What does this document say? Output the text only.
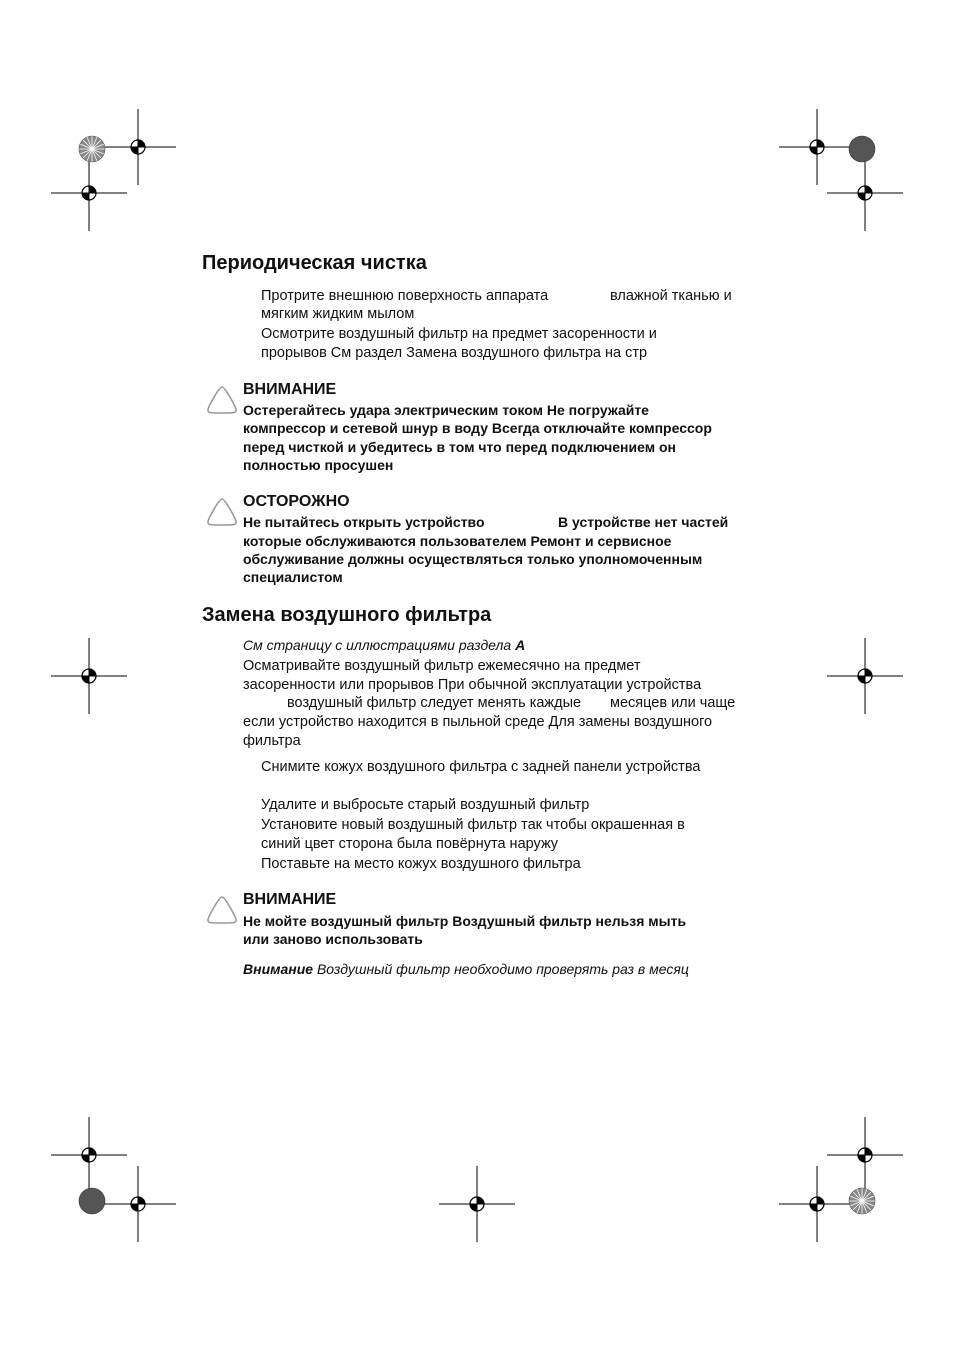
Периодическая чистка
Протрите внешнюю поверхность аппарата	влажной тканью и
мягким жидким мылом
Осмотрите воздушный фильтр на предмет засоренности и
прорывов См раздел Замена воздушного фильтра на стр
ВНИМАНИЕ
Остерегайтесь удара электрическим током Не погружайте
компрессор и сетевой шнур в воду Всегда отключайте компрессор
перед чисткой и убедитесь в том что перед подключением он
полностью просушен
ОСТОРОЖНО
Не пытайтесь открыть устройство	В устройстве нет частей
которые обслуживаются пользователем Ремонт и сервисное
обслуживание должны осуществляться только уполномоченным
специалистом
Замена воздушного фильтра
См страницу с иллюстрациями раздела A
Осматривайте воздушный фильтр ежемесячно на предмет
засоренности или прорывов При обычной эксплуатации устройства
воздушный фильтр следует менять каждые месяцев или чаще
если устройство находится в пыльной среде Для замены воздушного
фильтра
Снимите кожух воздушного фильтра с задней панели устройства
Удалите и выбросьте старый воздушный фильтр
Установите новый воздушный фильтр так чтобы окрашенная в
синий цвет сторона была повёрнута наружу
Поставьте на место кожух воздушного фильтра
ВНИМАНИЕ
Не мойте воздушный фильтр Воздушный фильтр нельзя мыть
или заново использовать
Внимание Воздушный фильтр необходимо проверять раз в месяц
